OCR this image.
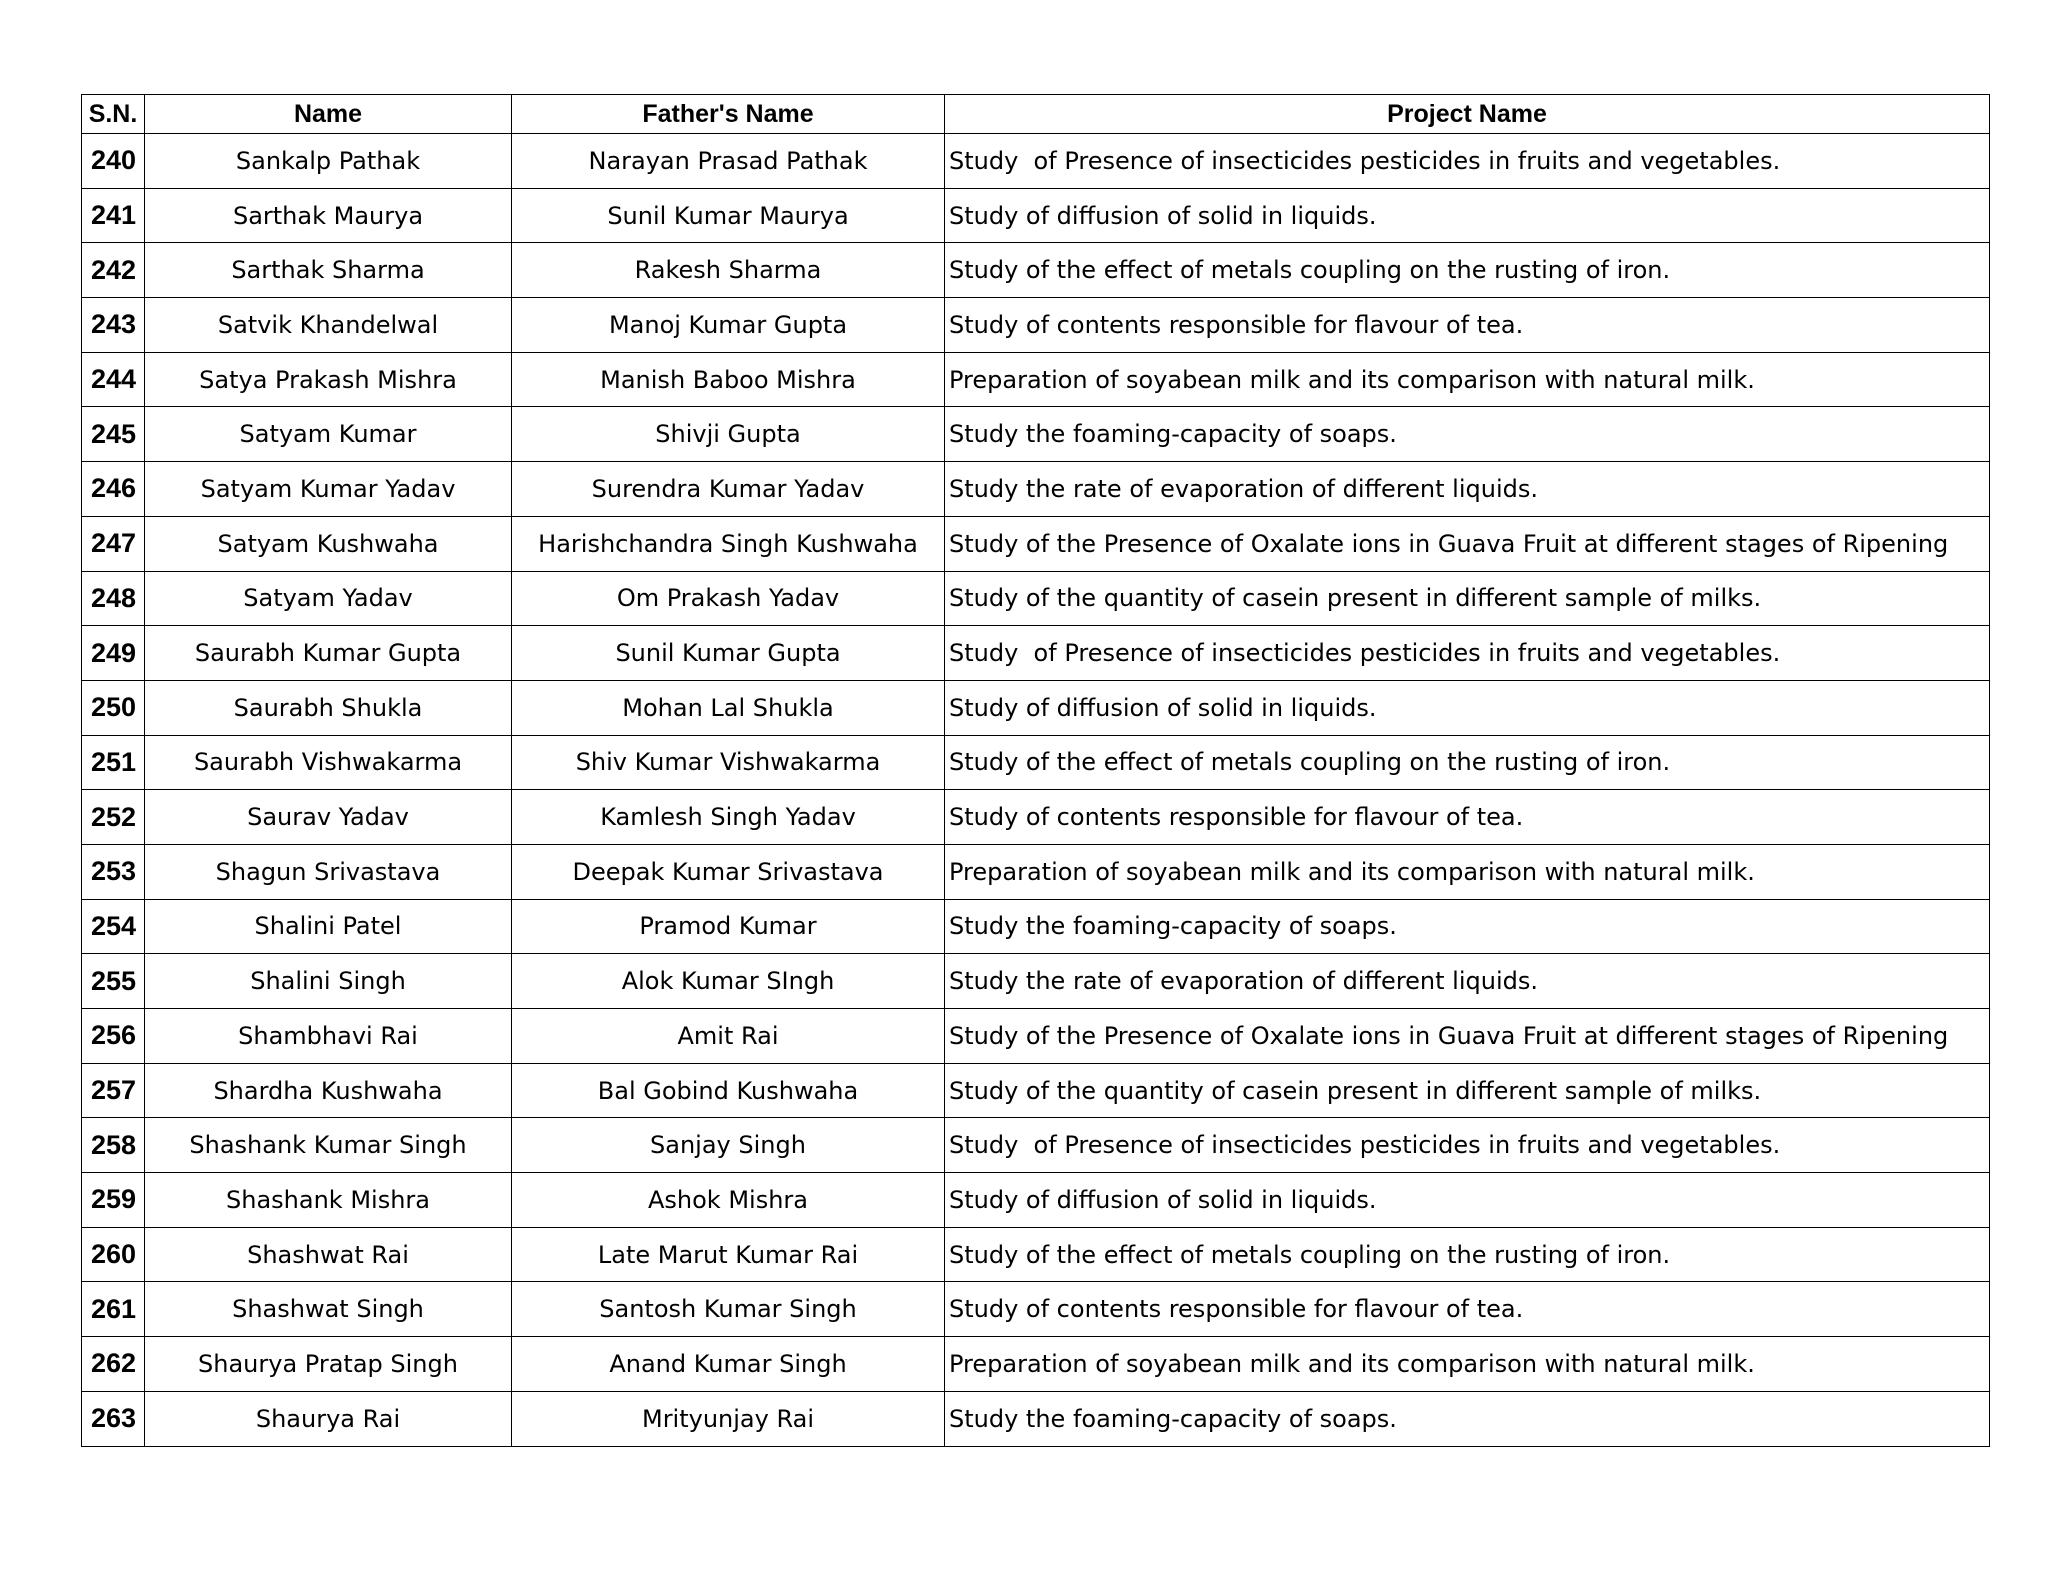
S.N.	Name	Father's Name	Project Name
240	Sankalp Pathak	Narayan Prasad Pathak	Study  of Presence of insecticides pesticides in fruits and vegetables.
241	Sarthak Maurya	Sunil Kumar Maurya	Study of diffusion of solid in liquids.
242	Sarthak Sharma	Rakesh Sharma	Study of the effect of metals coupling on the rusting of iron.
243	Satvik Khandelwal	Manoj Kumar Gupta	Study of contents responsible for flavour of tea.
244	Satya Prakash Mishra	Manish Baboo Mishra	Preparation of soyabean milk and its comparison with natural milk.
245	Satyam Kumar	Shivji Gupta	Study the foaming-capacity of soaps.
246	Satyam Kumar Yadav	Surendra Kumar Yadav	Study the rate of evaporation of different liquids.
247	Satyam Kushwaha	Harishchandra Singh Kushwaha	Study of the Presence of Oxalate ions in Guava Fruit at different stages of Ripening
248	Satyam Yadav	Om Prakash Yadav	Study of the quantity of casein present in different sample of milks.
249	Saurabh Kumar Gupta	Sunil Kumar Gupta	Study  of Presence of insecticides pesticides in fruits and vegetables.
250	Saurabh Shukla	Mohan Lal Shukla	Study of diffusion of solid in liquids.
251	Saurabh Vishwakarma	Shiv Kumar Vishwakarma	Study of the effect of metals coupling on the rusting of iron.
252	Saurav Yadav	Kamlesh Singh Yadav	Study of contents responsible for flavour of tea.
253	Shagun Srivastava	Deepak Kumar Srivastava	Preparation of soyabean milk and its comparison with natural milk.
254	Shalini Patel	Pramod Kumar	Study the foaming-capacity of soaps.
255	Shalini Singh	Alok Kumar SIngh	Study the rate of evaporation of different liquids.
256	Shambhavi Rai	Amit Rai	Study of the Presence of Oxalate ions in Guava Fruit at different stages of Ripening
257	Shardha Kushwaha	Bal Gobind Kushwaha	Study of the quantity of casein present in different sample of milks.
258	Shashank Kumar Singh	Sanjay Singh	Study  of Presence of insecticides pesticides in fruits and vegetables.
259	Shashank Mishra	Ashok Mishra	Study of diffusion of solid in liquids.
260	Shashwat Rai	Late Marut Kumar Rai	Study of the effect of metals coupling on the rusting of iron.
261	Shashwat Singh	Santosh Kumar Singh	Study of contents responsible for flavour of tea.
262	Shaurya Pratap Singh	Anand Kumar Singh	Preparation of soyabean milk and its comparison with natural milk.
263	Shaurya Rai	Mrityunjay Rai	Study the foaming-capacity of soaps.
